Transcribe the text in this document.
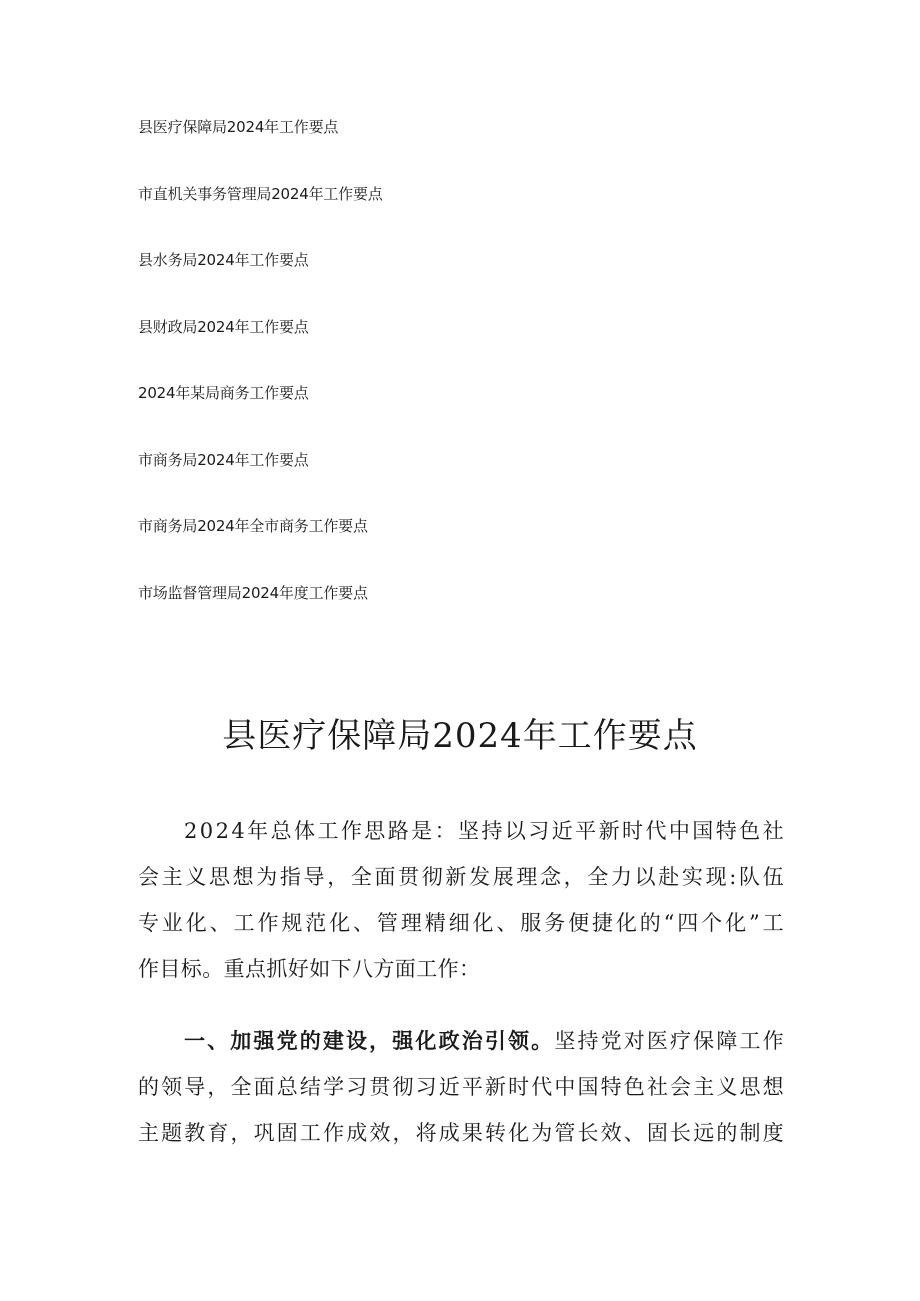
县医疗保障局2024年工作要点
市直机关事务管理局2024年工作要点
县水务局2024年工作要点
县财政局2024年工作要点
2024年某局商务工作要点
市商务局2024年工作要点
市商务局2024年全市商务工作要点
市场监督管理局2024年度工作要点
县医疗保障局2024年工作要点
2024年总体工作思路是：坚持以习近平新时代中国特色社
会主义思想为指导，全面贯彻新发展理念，全力以赴实现:队伍
专业化、工作规范化、管理精细化、服务便捷化的“四个化”工
作目标。重点抓好如下八方面工作：
一、加强党的建设，强化政治引领。坚持党对医疗保障工作
的领导，全面总结学习贯彻习近平新时代中国特色社会主义思想
主题教育，巩固工作成效，将成果转化为管长效、固长远的制度
